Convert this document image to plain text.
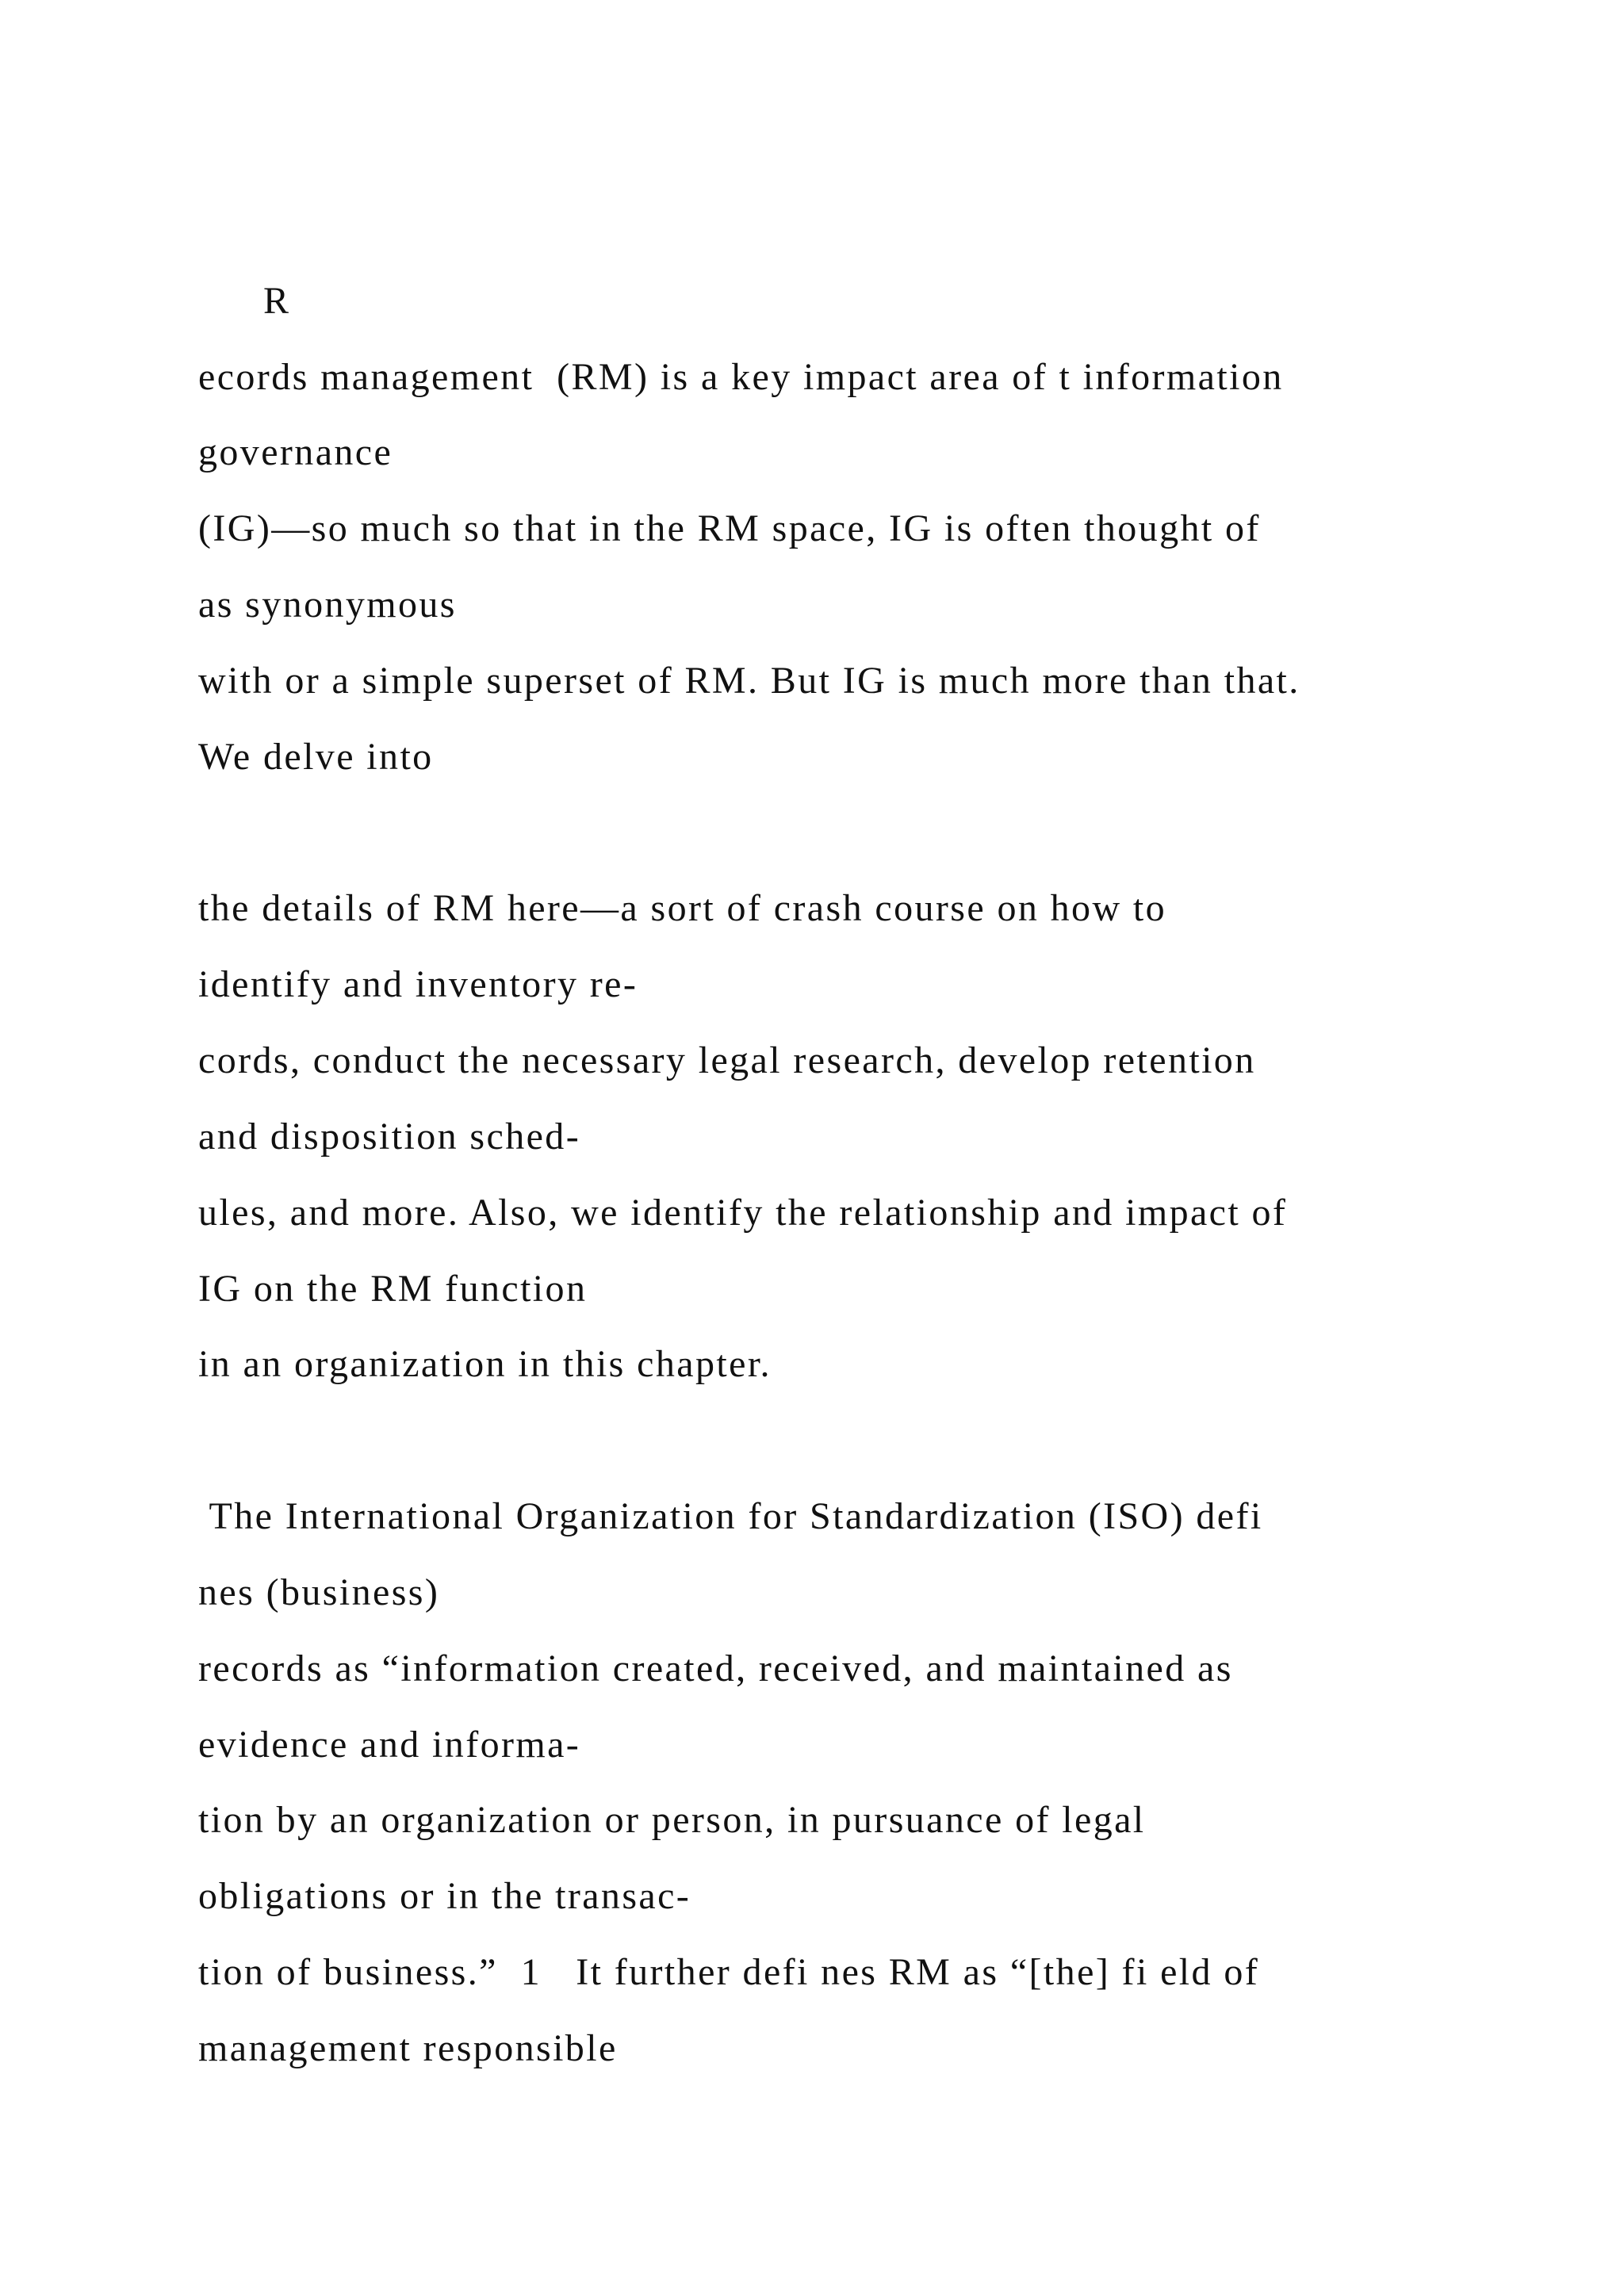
R

ecords management  (RM) is a key impact area of t information

governance

(IG)—so much so that in the RM space, IG is often thought of

as synonymous

with or a simple superset of RM. But IG is much more than that.

We delve into

the details of RM here—a sort of crash course on how to

identify and inventory re-

cords, conduct the necessary legal research, develop retention

and disposition sched-

ules, and more. Also, we identify the relationship and impact of

IG on the RM function

in an organization in this chapter.

The International Organization for Standardization (ISO) defi

nes (business)

records as “information created, received, and maintained as

evidence and informa-

tion by an organization or person, in pursuance of legal

obligations or in the transac-

tion of business.”  1   It further defi nes RM as “[the] fi eld of

management responsible
